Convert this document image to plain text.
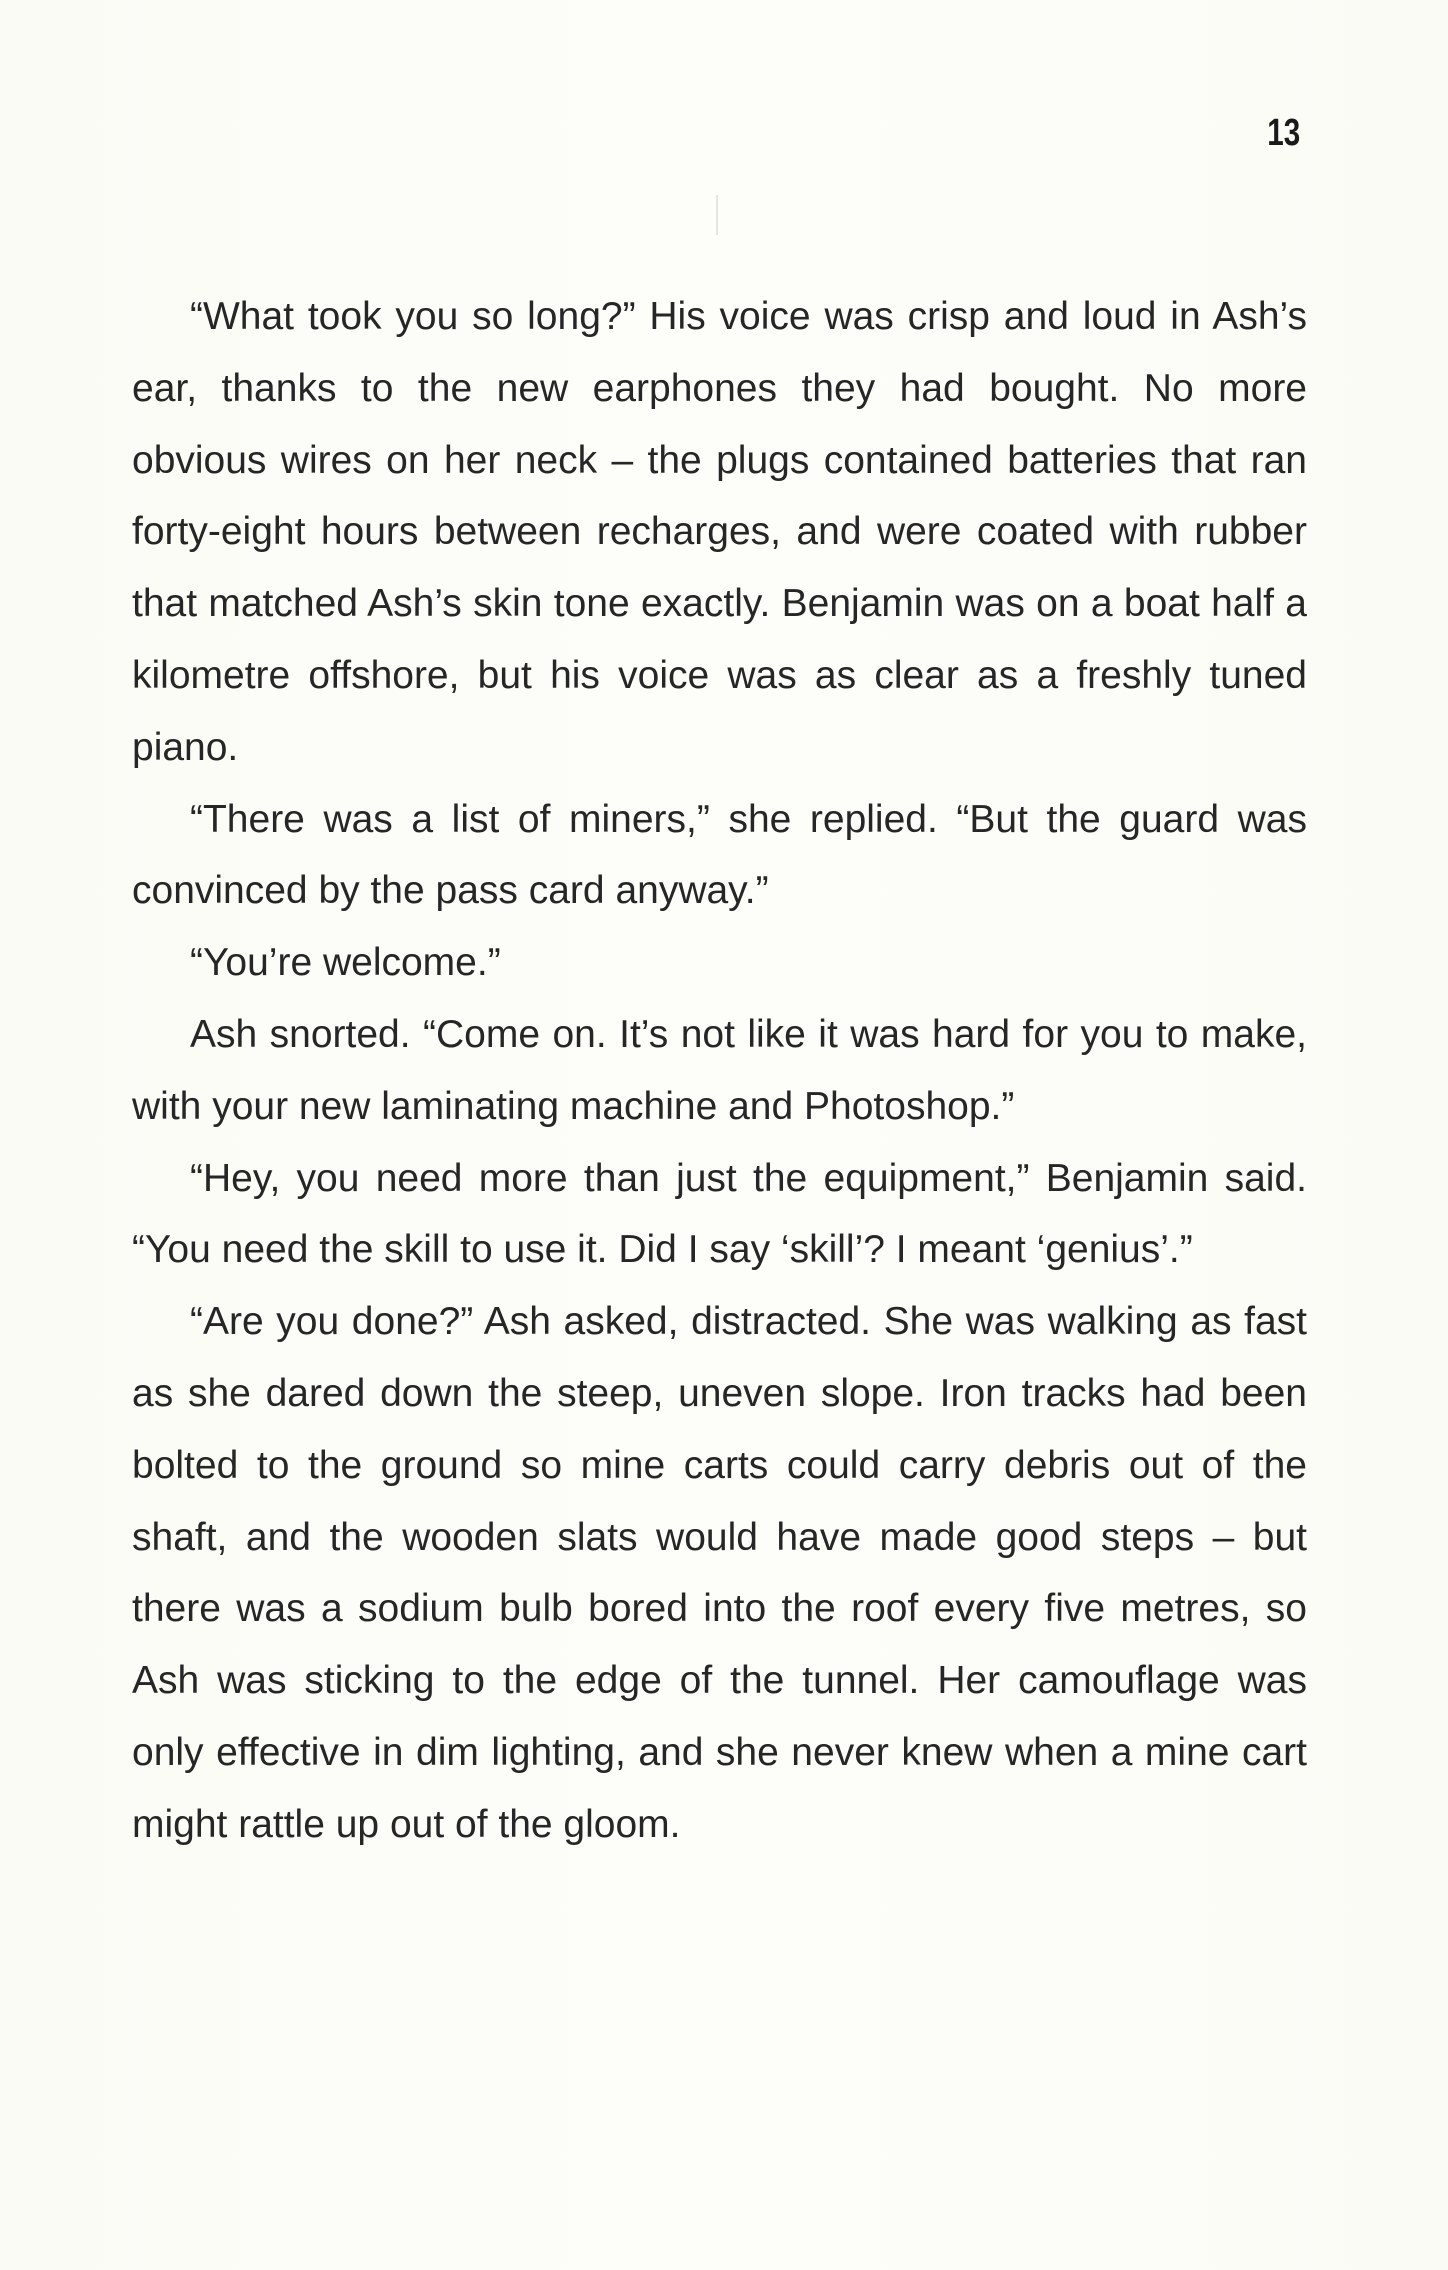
13

“What took you so long?” His voice was crisp and loud in Ash’s ear, thanks to the new earphones they had bought. No more obvious wires on her neck – the plugs contained batteries that ran forty-eight hours between recharges, and were coated with rubber that matched Ash’s skin tone exactly. Benjamin was on a boat half a kilometre offshore, but his voice was as clear as a freshly tuned piano.

“There was a list of miners,” she replied. “But the guard was convinced by the pass card anyway.”

“You’re welcome.”

Ash snorted. “Come on. It’s not like it was hard for you to make, with your new laminating machine and Photoshop.”

“Hey, you need more than just the equipment,” Benjamin said. “You need the skill to use it. Did I say ‘skill’? I meant ‘genius’.”

“Are you done?” Ash asked, distracted. She was walking as fast as she dared down the steep, uneven slope. Iron tracks had been bolted to the ground so mine carts could carry debris out of the shaft, and the wooden slats would have made good steps – but there was a sodium bulb bored into the roof every five metres, so Ash was sticking to the edge of the tunnel. Her camouflage was only effective in dim lighting, and she never knew when a mine cart might rattle up out of the gloom.
